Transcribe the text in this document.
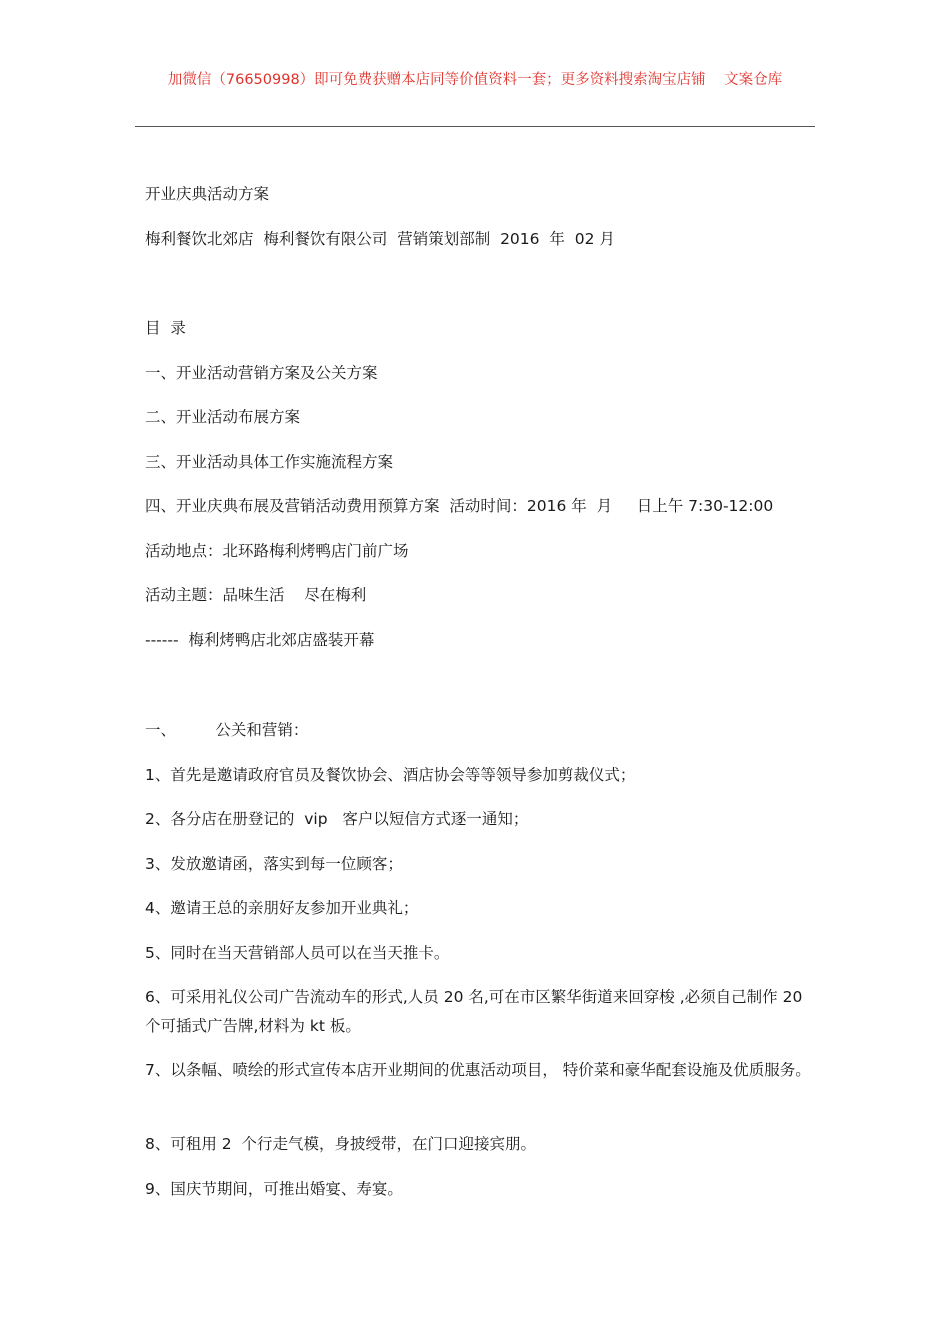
加微信（76650998）即可免费获赠本店同等价值资料一套；更多资料搜索淘宝店铺    文案仓库
开业庆典活动方案
梅利餐饮北郊店  梅利餐饮有限公司  营销策划部制  2016  年  02 月
目  录
一、开业活动营销方案及公关方案
二、开业活动布展方案
三、开业活动具体工作实施流程方案
四、开业庆典布展及营销活动费用预算方案  活动时间：2016 年  月     日上午 7:30-12:00
活动地点：北环路梅利烤鸭店门前广场
活动主题：品味生活    尽在梅利
------  梅利烤鸭店北郊店盛装开幕
一、        公关和营销：
1、首先是邀请政府官员及餐饮协会、酒店协会等等领导参加剪裁仪式；
2、各分店在册登记的  vip   客户以短信方式逐一通知；
3、发放邀请函，落实到每一位顾客；
4、邀请王总的亲朋好友参加开业典礼；
5、同时在当天营销部人员可以在当天推卡。
6、可采用礼仪公司广告流动车的形式,人员 20 名,可在市区繁华街道来回穿梭 ,必须自己制作 20 个可插式广告牌,材料为 kt 板。
7、以条幅、喷绘的形式宣传本店开业期间的优惠活动项目， 特价菜和豪华配套设施及优质服务。
8、可租用 2  个行走气模，身披绶带，在门口迎接宾朋。
9、国庆节期间，可推出婚宴、寿宴。
